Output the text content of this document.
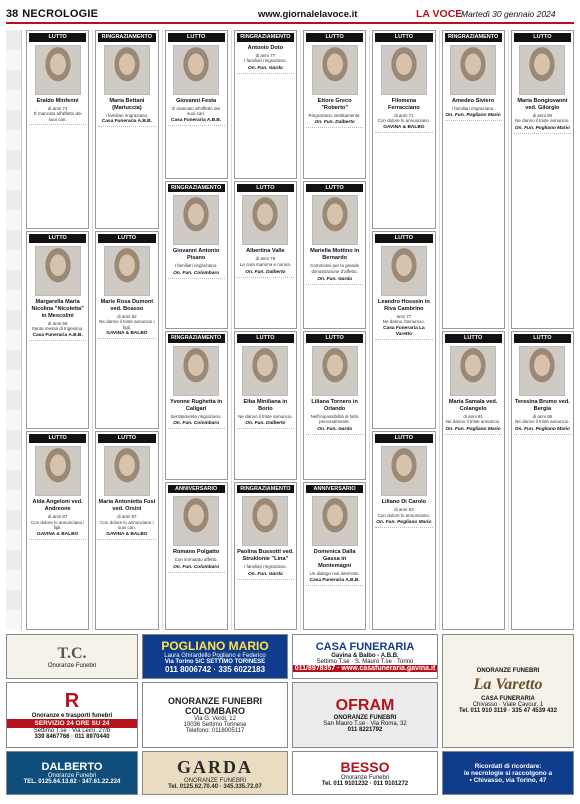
38 NECROLOGIE	www.giornalelavoce.it	LA VOCE
Martedì 30 gennaio 2024
LUTTO
Eraldo Minfenni
di anni 74
È mancato all'affetto dei suoi cari.
LUTTO
Margarella Maria Nicolina "Nicoletta" in Mescolini
di anni 56
Santa messa di trigesimo.
Casa Funeraria A.B.B.
LUTTO
Alda Angeloni ved. Andreone
di anni 87
Con dolore lo annunciano i figli.
GAVINA & BALBO
RINGRAZIAMENTO
Maria Bettani (Mariuccia)
I familiari ringraziano.
Casa Funeraria A.B.B.
LUTTO
Marie Rosa Dumont ved. Boasso
di anni 82
Ne danno il triste annuncio i figli.
GAVINA & BALBO
LUTTO
Maria Antonietta Fusi ved. Orsini
di anni 87
Con dolore lo annunciano i suoi cari.
GAVINA & BALBO
LUTTO
Giovanni Festa
È mancato all'affetto dei suoi cari.
Casa Funeraria A.B.B.
RINGRAZIAMENTO
Giovanni Antonio Pisano
I familiari ringraziano.
On. Fun. Colombaro
RINGRAZIAMENTO
Yvonne Rughetta in Caligari
Sentitamente ringraziano.
On. Fun. Colombaro
ANNIVERSARIO
Romano Polgatto
Con immutato affetto.
On. Fun. Colombaro
RINGRAZIAMENTO
Antonio Doto
di anni 77
I familiari ringraziano.
On. Fun. Garda
LUTTO
Albertina Valle
di anni 78
La cara mamma e nonna.
On. Fun. Dalberto
LUTTO
Elba Miniliana in Borio
Ne danno il triste annuncio.
On. Fun. Dalberto
RINGRAZIAMENTO
Paolina Bussotti ved. Struklonie "Lina"
I familiari ringraziano.
On. Fun. Garda
LUTTO
Ettore Greco "Roberto"
Ringraziano sentitamente.
On. Fun. Dalberto
LUTTO
Mariella Mottino in Bernardo
Commossi per la grande dimostrazione d'affetto.
On. Fun. Garda
LUTTO
Liliana Tornero in Orlando
Nell'impossibilità di farlo personalmente.
On. Fun. Garda
ANNIVERSARIO
Domenica Dalla Gassa in Montemagni
Un dialogo mai interrotto.
Casa Funeraria A.B.B.
LUTTO
Filomena Ferracciano
di anni 71
Con dolore lo annunciano.
GAVINA & BALBO
LUTTO
Leandro Hossein in Riva Cambrino
anni 77
Ne danno l'annuncio.
Casa Funeraria La Varetto
LUTTO
Liliano Di Carolo
di anni 83
Con dolore lo annunciano.
On. Fun. Pogliano Mario
RINGRAZIAMENTO
Amedeo Siviero
I familiari ringraziano.
On. Fun. Pogliano Mario
LUTTO
Maria Samala ved. Colangelo
di anni 91
Ne danno il triste annuncio.
On. Fun. Pogliano Mario
LUTTO
Maria Bongiovanni ved. Gilorgio
di anni 90
Ne danno il triste annuncio.
On. Fun. Pogliano Mario
LUTTO
Teresina Brumo ved. Bergia
di anni 95
Ne danno il triste annuncio.
On. Fun. Pogliano Mario
T.C.
Onoranze Funebri
R
Onoranze e trasporti funebri
SERVIZIO 24 ORE SU 24
Settimo T.se · Via Leinì, 27/b
339 8467766 · 011 8970440
DALBERTO
Onoranze Funebri
TEL. 0125.64.13.62 · 347.61.22.224
POGLIANO MARIO
Laura Ghirardello Pogliano e Federico
Via Torino 5/C SETTIMO TORINESE
011 8006742 · 335 6022183
ONORANZE FUNEBRI COLOMBARO
Via G. Verdi, 12
10036 Settimo Torinese
Telefono: 0118005117
GARDA
ONORANZE FUNEBRI
Tel. 0125.62.70.40 · 345.335.72.07
CASA FUNERARIA
Gavina & Balbo - A.B.B.
Settimo T.se · S. Mauro T.se · Torino
011/8978357 · www.casafuneraria.gavina.it
OFRAM
ONORANZE FUNEBRI
San Mauro T.se · Via Roma, 32
011 8221792
BESSO
Onoranze Funebri
Tel. 011 9101232 · 011 9101272
ONORANZE FUNEBRI
La Varetto
CASA FUNERARIA
Chivasso · Viale Cavour, 1
Tel. 011 910 3119 · 335 47 4539 432
Ricordati di ricordare:
le necrologie si raccolgono a
• Chivasso, via Torino, 47
